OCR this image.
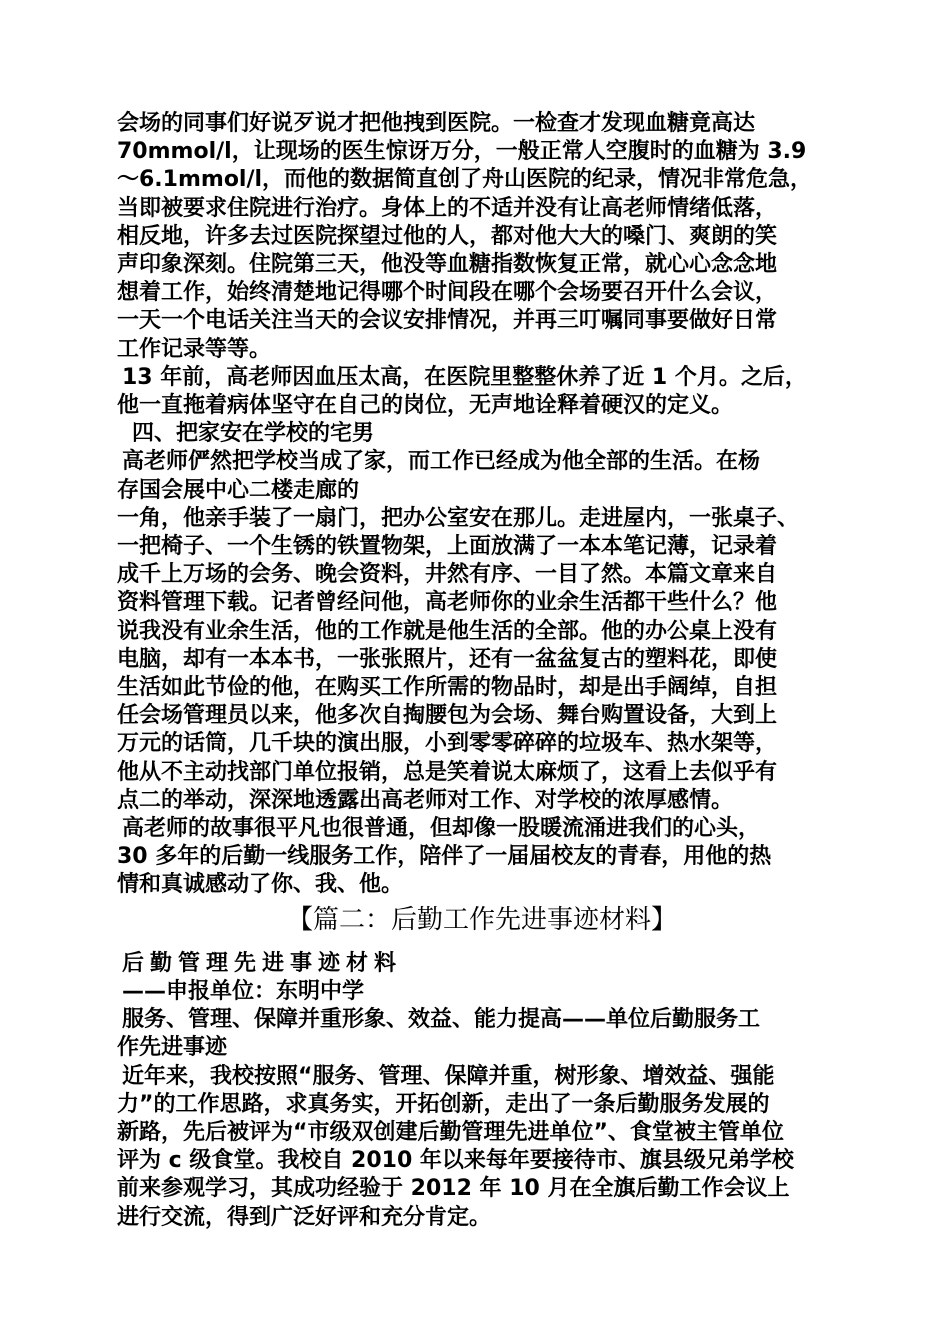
会场的同事们好说歹说才把他拽到医院。一检查才发现血糖竟高达

70mmol/l，让现场的医生惊讶万分，一般正常人空腹时的血糖为 3.9

～6.1mmol/l，而他的数据简直创了舟山医院的纪录，情况非常危急，

当即被要求住院进行治疗。身体上的不适并没有让高老师情绪低落，

相反地，许多去过医院探望过他的人，都对他大大的嗓门、爽朗的笑

声印象深刻。住院第三天，他没等血糖指数恢复正常，就心心念念地

想着工作，始终清楚地记得哪个时间段在哪个会场要召开什么会议，

一天一个电话关注当天的会议安排情况，并再三叮嘱同事要做好日常

工作记录等等。

13 年前，高老师因血压太高，在医院里整整休养了近 1 个月。之后，

他一直拖着病体坚守在自己的岗位，无声地诠释着硬汉的定义。

四、把家安在学校的宅男

高老师俨然把学校当成了家，而工作已经成为他全部的生活。在杨

存国会展中心二楼走廊的

一角，他亲手装了一扇门，把办公室安在那儿。走进屋内，一张桌子、

一把椅子、一个生锈的铁置物架，上面放满了一本本笔记薄，记录着

成千上万场的会务、晚会资料，井然有序、一目了然。本篇文章来自

资料管理下载。记者曾经问他，高老师你的业余生活都干些什么？他

说我没有业余生活，他的工作就是他生活的全部。他的办公桌上没有

电脑，却有一本本书，一张张照片，还有一盆盆复古的塑料花，即使

生活如此节俭的他，在购买工作所需的物品时，却是出手阔绰，自担

任会场管理员以来，他多次自掏腰包为会场、舞台购置设备，大到上

万元的话筒，几千块的演出服，小到零零碎碎的垃圾车、热水架等，

他从不主动找部门单位报销，总是笑着说太麻烦了，这看上去似乎有

点二的举动，深深地透露出高老师对工作、对学校的浓厚感情。

高老师的故事很平凡也很普通，但却像一股暖流涌进我们的心头，

30 多年的后勤一线服务工作，陪伴了一届届校友的青春，用他的热

情和真诚感动了你、我、他。

【篇二：后勤工作先进事迹材料】

后勤管理先进事迹材料

——申报单位：东明中学

服务、管理、保障并重形象、效益、能力提高——单位后勤服务工

作先进事迹

近年来，我校按照“服务、管理、保障并重，树形象、增效益、强能

力”的工作思路，求真务实，开拓创新，走出了一条后勤服务发展的

新路，先后被评为“市级双创建后勤管理先进单位”、食堂被主管单位

评为 c 级食堂。我校自 2010 年以来每年要接待市、旗县级兄弟学校

前来参观学习，其成功经验于 2012 年 10 月在全旗后勤工作会议上

进行交流，得到广泛好评和充分肯定。
